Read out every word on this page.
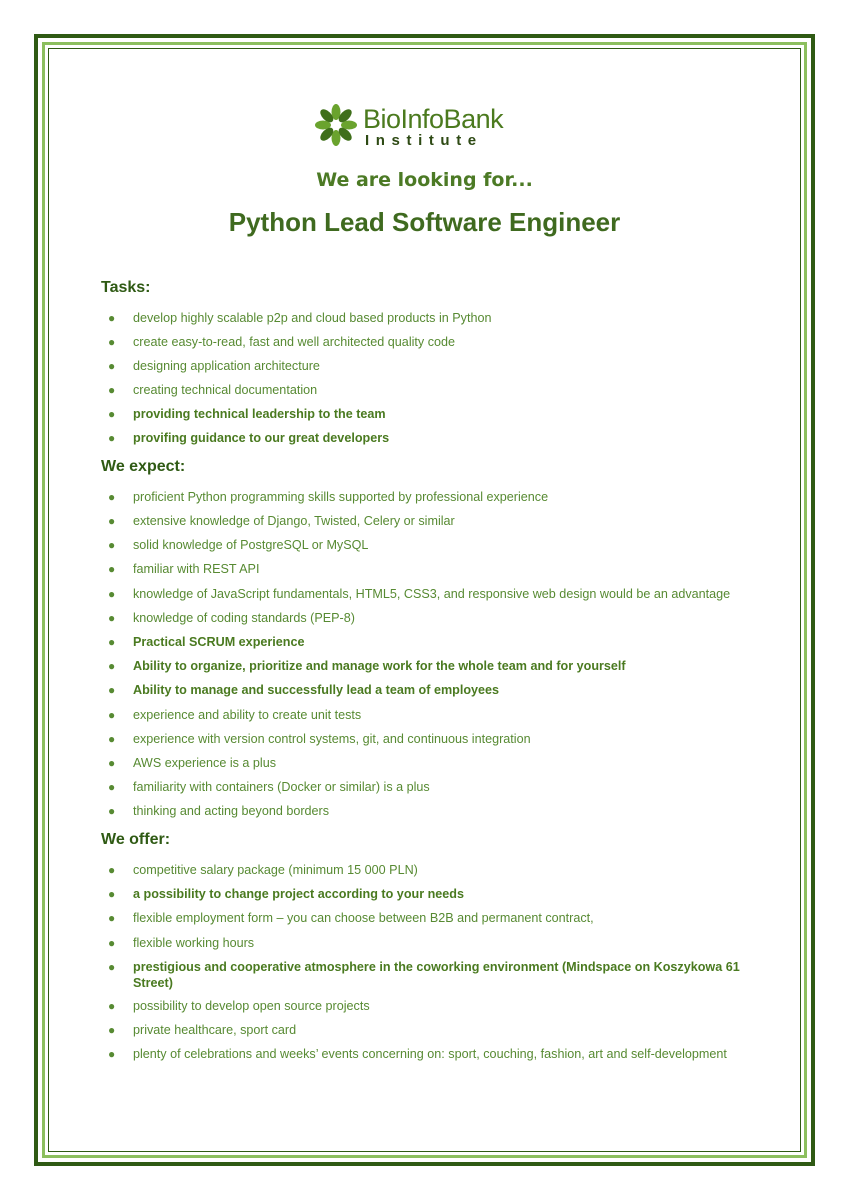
BioInfoBank
Institute
We are looking for...
Python Lead Software Engineer
Tasks:
● develop highly scalable p2p and cloud based products in Python
● create easy-to-read, fast and well architected quality code
● designing application architecture
● creating technical documentation
● providing technical leadership to the team
● provifing guidance to our great developers
We expect:
● proficient Python programming skills supported by professional experience
● extensive knowledge of Django, Twisted, Celery or similar
● solid knowledge of PostgreSQL or MySQL
● familiar with REST API
● knowledge of JavaScript fundamentals, HTML5, CSS3, and responsive web design would be an advantage
● knowledge of coding standards (PEP-8)
● Practical SCRUM experience
● Ability to organize, prioritize and manage work for the whole team and for yourself
● Ability to manage and successfully lead a team of employees
● experience and ability to create unit tests
● experience with version control systems, git, and continuous integration
● AWS experience is a plus
● familiarity with containers (Docker or similar) is a plus
● thinking and acting beyond borders
We offer:
● competitive salary package (minimum 15 000 PLN)
● a possibility to change project according to your needs
● flexible employment form – you can choose between B2B and permanent contract,
● flexible working hours
● prestigious and cooperative atmosphere in the coworking environment (Mindspace on Koszykowa 61 Street)
● possibility to develop open source projects
● private healthcare, sport card
● plenty of celebrations and weeks’ events concerning on: sport, couching, fashion, art and self-development
